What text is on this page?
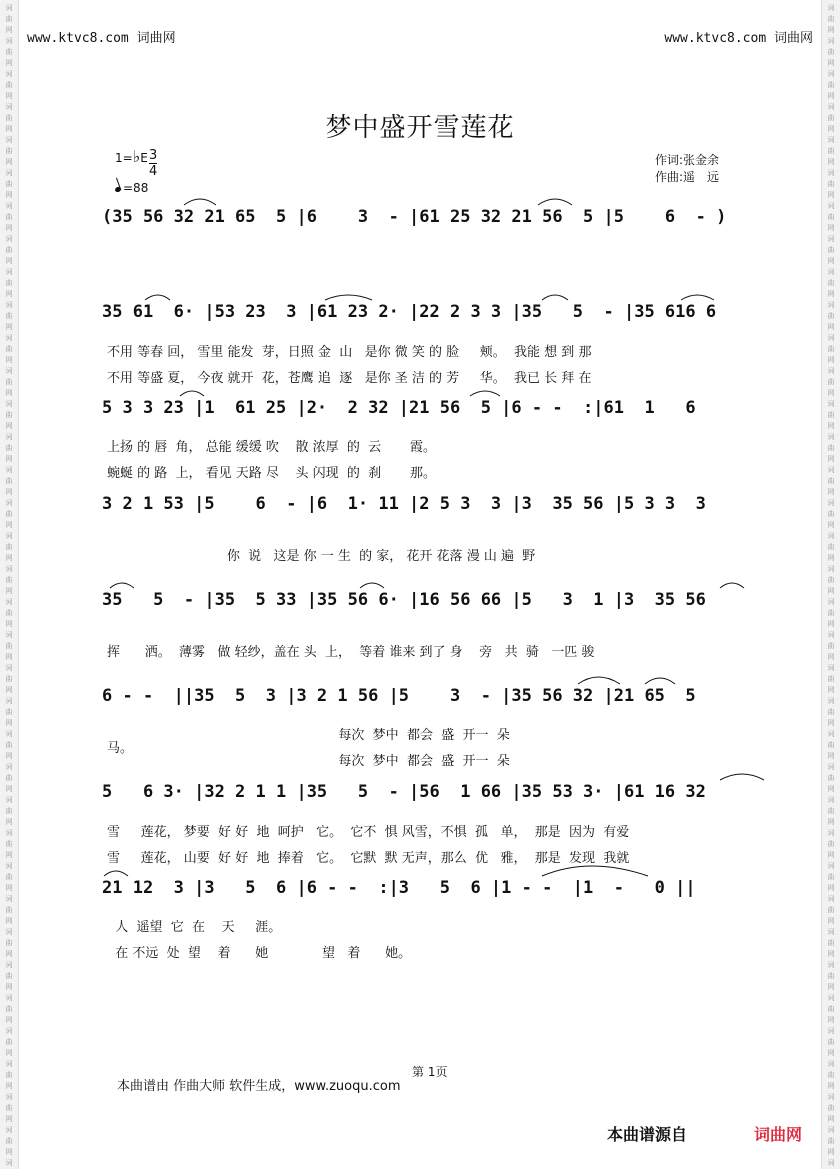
词
曲
网
词
曲
网
词
曲
网
词
曲
网
词
曲
网
词
曲
网
词
曲
网
词
曲
网
词
曲
网
词
曲
网
词
曲
网
词
曲
网
词
曲
网
词
曲
网
词
曲
网
词
曲
网
词
曲
网
词
曲
网
词
曲
网
词
曲
网
词
曲
网
词
曲
网
词
曲
网
词
曲
网
词
曲
网
词
曲
网
词
曲
网
词
曲
网
词
曲
网
词
曲
网
词
曲
网
词
曲
网
词
曲
网
词
曲
网
词
曲
网
词
词
曲
网
词
曲
网
词
曲
网
词
曲
网
词
曲
网
词
曲
网
词
曲
网
词
曲
网
词
曲
网
词
曲
网
词
曲
网
词
曲
网
词
曲
网
词
曲
网
词
曲
网
词
曲
网
词
曲
网
词
曲
网
词
曲
网
词
曲
网
词
曲
网
词
曲
网
词
曲
网
词
曲
网
词
曲
网
词
曲
网
词
曲
网
词
曲
网
词
曲
网
词
曲
网
词
曲
网
词
曲
网
词
曲
网
词
曲
网
词
曲
网
词
www.ktvc8.com 词曲网	www.ktvc8.com 词曲网
梦中盛开雪莲花
1=♭E $\frac{3}{4}$
=88
作词:张金余
作曲:遥　远
(35 56 32 21 65  5 |6    3  - |61 25 32 21 56  5 |5    6  - )
35 61  6· |53 23  3 |61 23 2· |22 2 3 3 |35   5  - |35 616 6
5 3 3 23 |1  61 25 |2·  2 32 |21 56  5 |6 - -  :|61  1   6
3 2 1 53 |5    6  - |6  1· 11 |2 5 3  3 |3  35 56 |5 3 3  3
35   5  - |35  5 33 |35 56 6· |16 56 66 |5   3  1 |3  35 56
6 - -  ||35  5  3 |3 2 1 56 |5    3  - |35 56 32 |21 65  5
5   6 3· |32 2 1 1 |35   5  - |56  1 66 |35 53 3· |61 16 32
21 12  3 |3   5  6 |6 - -  :|3   5  6 |1 - -  |1  -   0 ||
不用 等春 回， 雪里 能发  芽，日照 金  山   是你 微 笑 的 脸     颊。  我能 想 到 那
不用 等盛 夏， 今夜 就开  花，苍鹰 追  逐   是你 圣 洁 的 芳     华。  我已 长 拜 在
上扬 的 唇  角， 总能 缓缓 吹    散 浓厚  的  云       霞。
蜿蜒 的 路  上， 看见 天路 尽    头 闪现  的  刹       那。
你  说   这是 你 一 生  的 家， 花开 花落 漫 山 遍  野
挥      洒。  薄雾   做 轻纱，盖在 头  上，  等着 谁来 到了 身    旁   共  骑   一匹 骏
马。
每次  梦中  都会  盛  开一  朵
每次  梦中  都会  盛  开一  朵
雪     莲花， 梦要  好 好  地  呵护   它。  它不  惧 风雪，不惧  孤   单，  那是  因为  有爱
雪     莲花， 山要  好 好  地  捧着   它。  它默  默 无声，那么  优   雅，  那是  发现  我就
人  遥望  它  在    天     涯。
在 不远  处  望    着      她             望   着      她。
第 1页
本曲谱由 作曲大师 软件生成，www.zuoqu.com
本曲谱源自	词曲网
